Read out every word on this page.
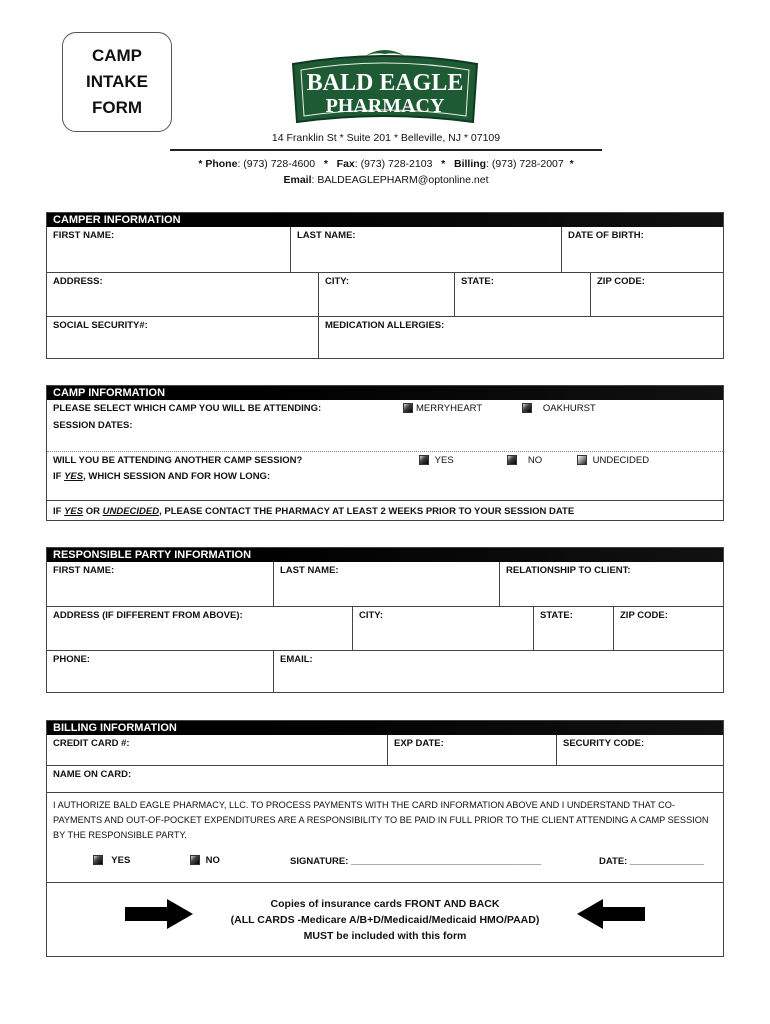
CAMP
INTAKE
FORM
BALD EAGLE
PHARMACY
14 Franklin St * Suite 201 * Belleville, NJ * 07109
* Phone: (973) 728-4600   *   Fax: (973) 728-2103   *   Billing: (973) 728-2007  *
Email: BALDEAGLEPHARM@optonline.net
CAMPER INFORMATION
FIRST NAME:	LAST NAME:	DATE OF BIRTH:
ADDRESS:	CITY:	STATE:	ZIP CODE:
SOCIAL SECURITY#:	MEDICATION ALLERGIES:
CAMP INFORMATION
PLEASE SELECT WHICH CAMP YOU WILL BE ATTENDING:	MERRYHEART	OAKHURST
SESSION DATES:
WILL YOU BE ATTENDING ANOTHER CAMP SESSION?	YES	NO	UNDECIDED
IF YES, WHICH SESSION AND FOR HOW LONG:
IF YES OR UNDECIDED, PLEASE CONTACT THE PHARMACY AT LEAST 2 WEEKS PRIOR TO YOUR SESSION DATE
RESPONSIBLE PARTY INFORMATION
FIRST NAME:	LAST NAME:	RELATIONSHIP TO CLIENT:
ADDRESS (IF DIFFERENT FROM ABOVE):	CITY:	STATE:	ZIP CODE:
PHONE:	EMAIL:
BILLING INFORMATION
CREDIT CARD #:	EXP DATE:	SECURITY CODE:
NAME ON CARD:
I AUTHORIZE BALD EAGLE PHARMACY, LLC. TO PROCESS PAYMENTS WITH THE CARD INFORMATION ABOVE AND I UNDERSTAND THAT CO-
PAYMENTS AND OUT-OF-POCKET EXPENDITURES ARE A RESPONSIBILITY TO BE PAID IN FULL PRIOR TO THE CLIENT ATTENDING A CAMP SESSION
BY THE RESPONSIBLE PARTY.
YES	NO	SIGNATURE: ____________________________________	DATE: ______________
Copies of insurance cards FRONT AND BACK
(ALL CARDS -Medicare A/B+D/Medicaid/Medicaid HMO/PAAD)
MUST be included with this form
